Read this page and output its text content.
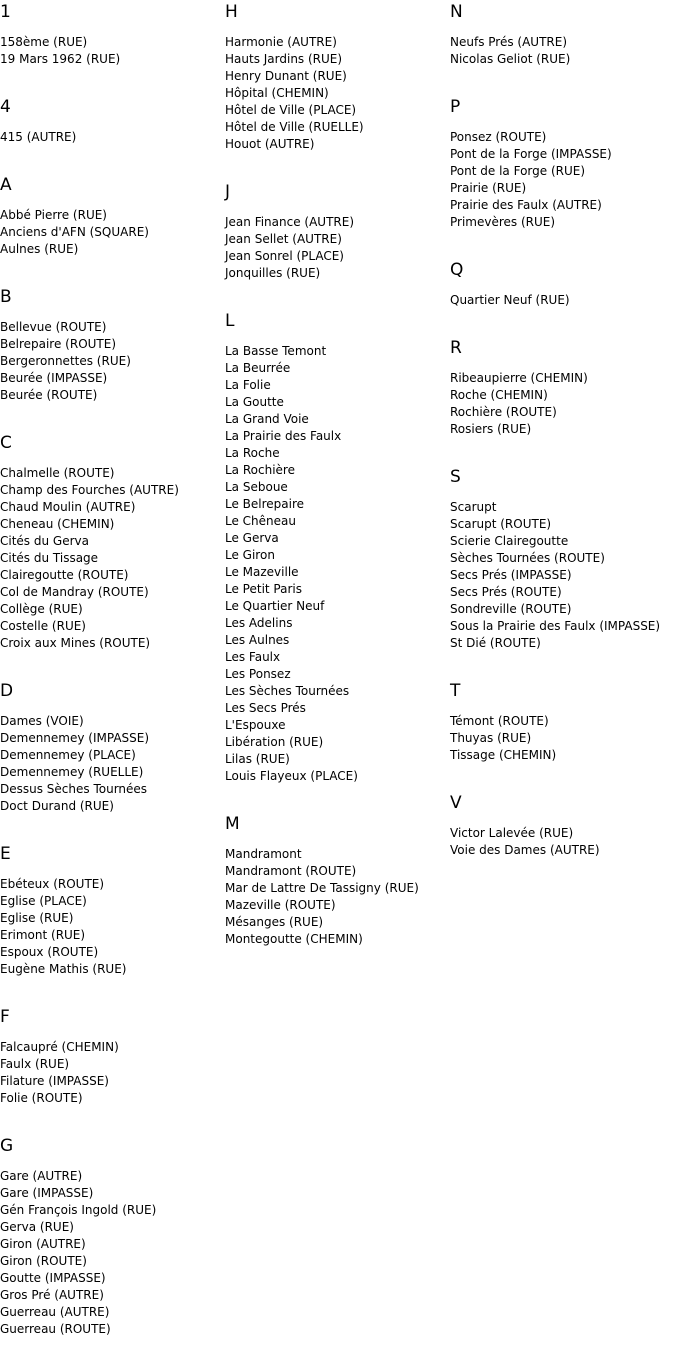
1
158ème (RUE)
19 Mars 1962 (RUE)
4
415 (AUTRE)
A
Abbé Pierre (RUE)
Anciens d'AFN (SQUARE)
Aulnes (RUE)
B
Bellevue (ROUTE)
Belrepaire (ROUTE)
Bergeronnettes (RUE)
Beurée (IMPASSE)
Beurée (ROUTE)
C
Chalmelle (ROUTE)
Champ des Fourches (AUTRE)
Chaud Moulin (AUTRE)
Cheneau (CHEMIN)
Cités du Gerva
Cités du Tissage
Clairegoutte (ROUTE)
Col de Mandray (ROUTE)
Collège (RUE)
Costelle (RUE)
Croix aux Mines (ROUTE)
D
Dames (VOIE)
Demennemey (IMPASSE)
Demennemey (PLACE)
Demennemey (RUELLE)
Dessus Sèches Tournées
Doct Durand (RUE)
E
Ebéteux (ROUTE)
Eglise (PLACE)
Eglise (RUE)
Erimont (RUE)
Espoux (ROUTE)
Eugène Mathis (RUE)
F
Falcaupré (CHEMIN)
Faulx (RUE)
Filature (IMPASSE)
Folie (ROUTE)
G
Gare (AUTRE)
Gare (IMPASSE)
Gén François Ingold (RUE)
Gerva (RUE)
Giron (AUTRE)
Giron (ROUTE)
Goutte (IMPASSE)
Gros Pré (AUTRE)
Guerreau (AUTRE)
Guerreau (ROUTE)
H
Harmonie (AUTRE)
Hauts Jardins (RUE)
Henry Dunant (RUE)
Hôpital (CHEMIN)
Hôtel de Ville (PLACE)
Hôtel de Ville (RUELLE)
Houot (AUTRE)
J
Jean Finance (AUTRE)
Jean Sellet (AUTRE)
Jean Sonrel (PLACE)
Jonquilles (RUE)
L
La Basse Temont
La Beurrée
La Folie
La Goutte
La Grand Voie
La Prairie des Faulx
La Roche
La Rochière
La Seboue
Le Belrepaire
Le Chêneau
Le Gerva
Le Giron
Le Mazeville
Le Petit Paris
Le Quartier Neuf
Les Adelins
Les Aulnes
Les Faulx
Les Ponsez
Les Sèches Tournées
Les Secs Prés
L'Espouxe
Libération (RUE)
Lilas (RUE)
Louis Flayeux (PLACE)
M
Mandramont
Mandramont (ROUTE)
Mar de Lattre De Tassigny (RUE)
Mazeville (ROUTE)
Mésanges (RUE)
Montegoutte (CHEMIN)
N
Neufs Prés (AUTRE)
Nicolas Geliot (RUE)
P
Ponsez (ROUTE)
Pont de la Forge (IMPASSE)
Pont de la Forge (RUE)
Prairie (RUE)
Prairie des Faulx (AUTRE)
Primevères (RUE)
Q
Quartier Neuf (RUE)
R
Ribeaupierre (CHEMIN)
Roche (CHEMIN)
Rochière (ROUTE)
Rosiers (RUE)
S
Scarupt
Scarupt (ROUTE)
Scierie Clairegoutte
Sèches Tournées (ROUTE)
Secs Prés (IMPASSE)
Secs Prés (ROUTE)
Sondreville (ROUTE)
Sous la Prairie des Faulx (IMPASSE)
St Dié (ROUTE)
T
Témont (ROUTE)
Thuyas (RUE)
Tissage (CHEMIN)
V
Victor Lalevée (RUE)
Voie des Dames (AUTRE)
